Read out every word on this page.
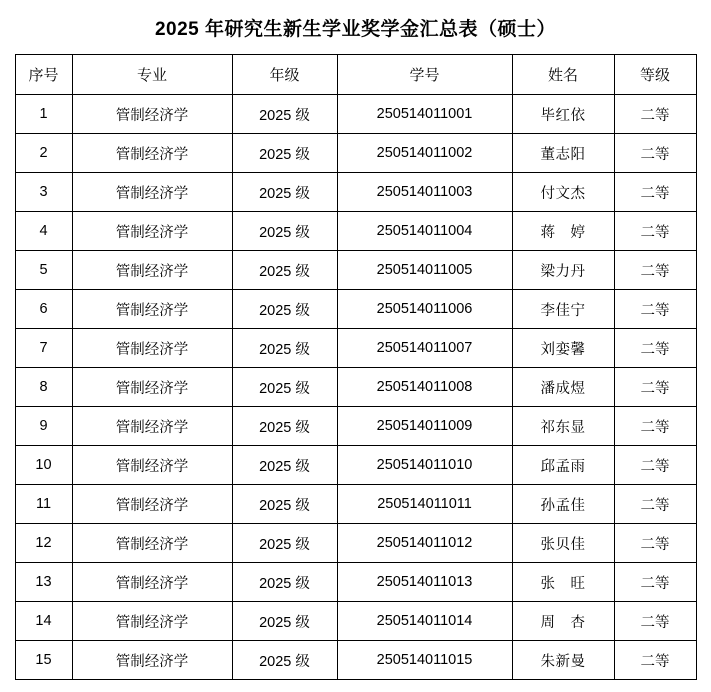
2025 年研究生新生学业奖学金汇总表（硕士）
序号	专业	年级	学号	姓名	等级
1	管制经济学	2025 级	250514011001	毕红依	二等
2	管制经济学	2025 级	250514011002	董志阳	二等
3	管制经济学	2025 级	250514011003	付文杰	二等
4	管制经济学	2025 级	250514011004	蒋　婷	二等
5	管制经济学	2025 级	250514011005	梁力丹	二等
6	管制经济学	2025 级	250514011006	李佳宁	二等
7	管制经济学	2025 级	250514011007	刘娈馨	二等
8	管制经济学	2025 级	250514011008	潘成煜	二等
9	管制经济学	2025 级	250514011009	祁东显	二等
10	管制经济学	2025 级	250514011010	邱孟雨	二等
11	管制经济学	2025 级	250514011011	孙孟佳	二等
12	管制经济学	2025 级	250514011012	张贝佳	二等
13	管制经济学	2025 级	250514011013	张　旺	二等
14	管制经济学	2025 级	250514011014	周　杏	二等
15	管制经济学	2025 级	250514011015	朱新曼	二等
